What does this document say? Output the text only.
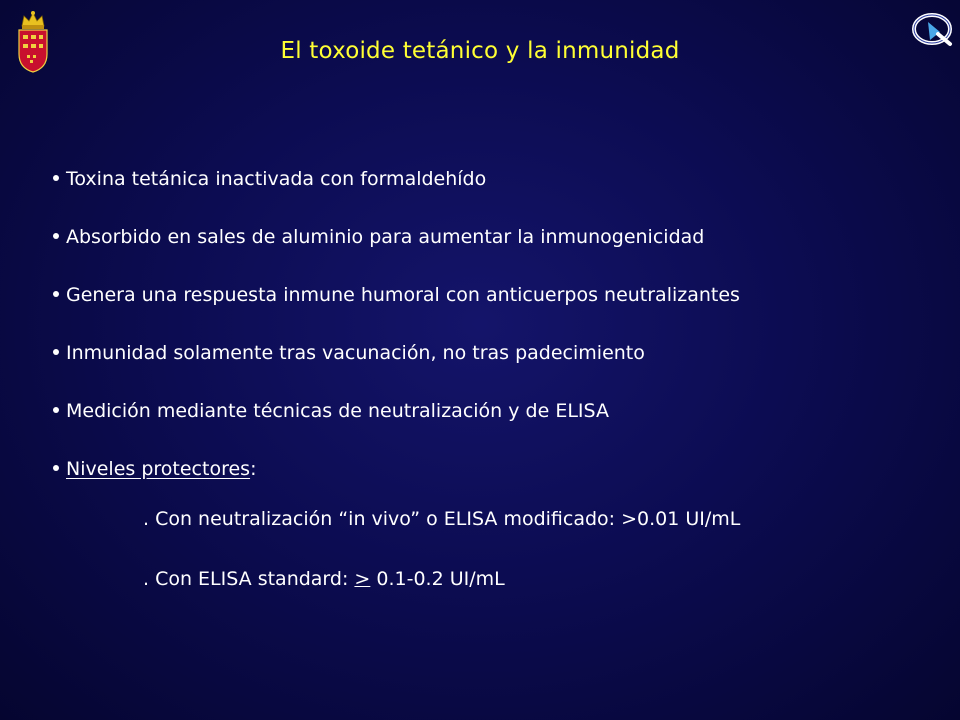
El toxoide tetánico y la inmunidad
Toxina tetánica inactivada con formaldehído
Absorbido en sales de aluminio para aumentar la inmunogenicidad
Genera una respuesta inmune humoral con anticuerpos neutralizantes
Inmunidad solamente tras vacunación, no tras padecimiento
Medición mediante técnicas de neutralización y de ELISA
Niveles protectores:
. Con neutralización “in vivo” o ELISA modificado: >0.01 UI/mL
. Con ELISA standard: > 0.1-0.2 UI/mL
